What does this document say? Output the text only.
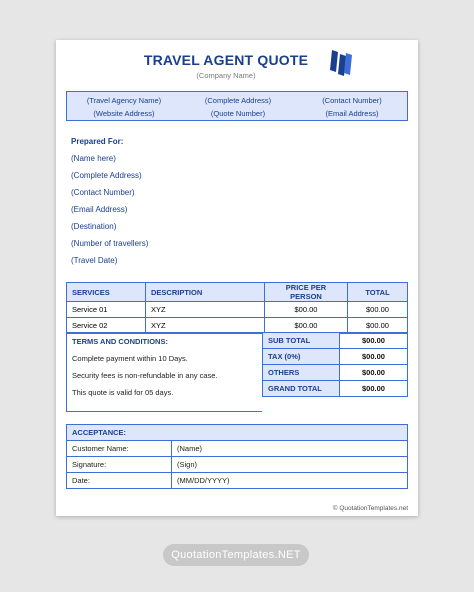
TRAVEL AGENT QUOTE
(Company Name)
(Travel Agency Name)	(Complete Address)	(Contact Number)
(Website Address)	(Quote Number)	(Email Address)
Prepared For:
(Name here)
(Complete Address)
(Contact Number)
(Email Address)
(Destination)
(Number of travellers)
(Travel Date)
SERVICES	DESCRIPTION	PRICE PER PERSON	TOTAL
Service 01	XYZ	$00.00	$00.00
Service 02	XYZ	$00.00	$00.00
TERMS AND CONDITIONS:
Complete payment within 10 Days.
Security fees is non-refundable in any case.
This quote is valid for 05 days.
SUB TOTAL	$00.00
TAX (0%)	$00.00
OTHERS	$00.00
GRAND TOTAL	$00.00
ACCEPTANCE:	
Customer Name:	(Name)
Signature:	(Sign)
Date:	(MM/DD/YYYY)
© QuotationTemplates.net
QuotationTemplates.NET
